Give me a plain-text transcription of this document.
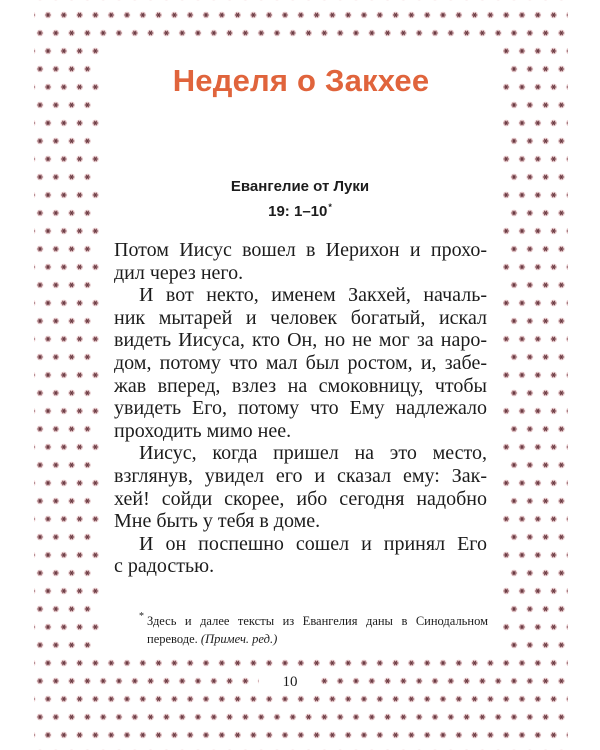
Неделя о Закхее
Евангелие от Луки
19: 1–10*
Потом Иисус вошел в Иерихон и прохо-
дил через него.
И вот некто, именем Закхей, началь-
ник мытарей и человек богатый, искал
видеть Иисуса, кто Он, но не мог за наро-
дом, потому что мал был ростом, и, забе-
жав вперед, взлез на смоковницу, чтобы
увидеть Его, потому что Ему надлежало
проходить мимо нее.
Иисус, когда пришел на это место,
взглянув, увидел его и сказал ему: Зак-
хей! сойди скорее, ибо сегодня надобно
Мне быть у тебя в доме.
И он поспешно сошел и принял Его
с радостью.
* Здесь и далее тексты из Евангелия даны в Синодальном
переводе. (Примеч. ред.)
10
